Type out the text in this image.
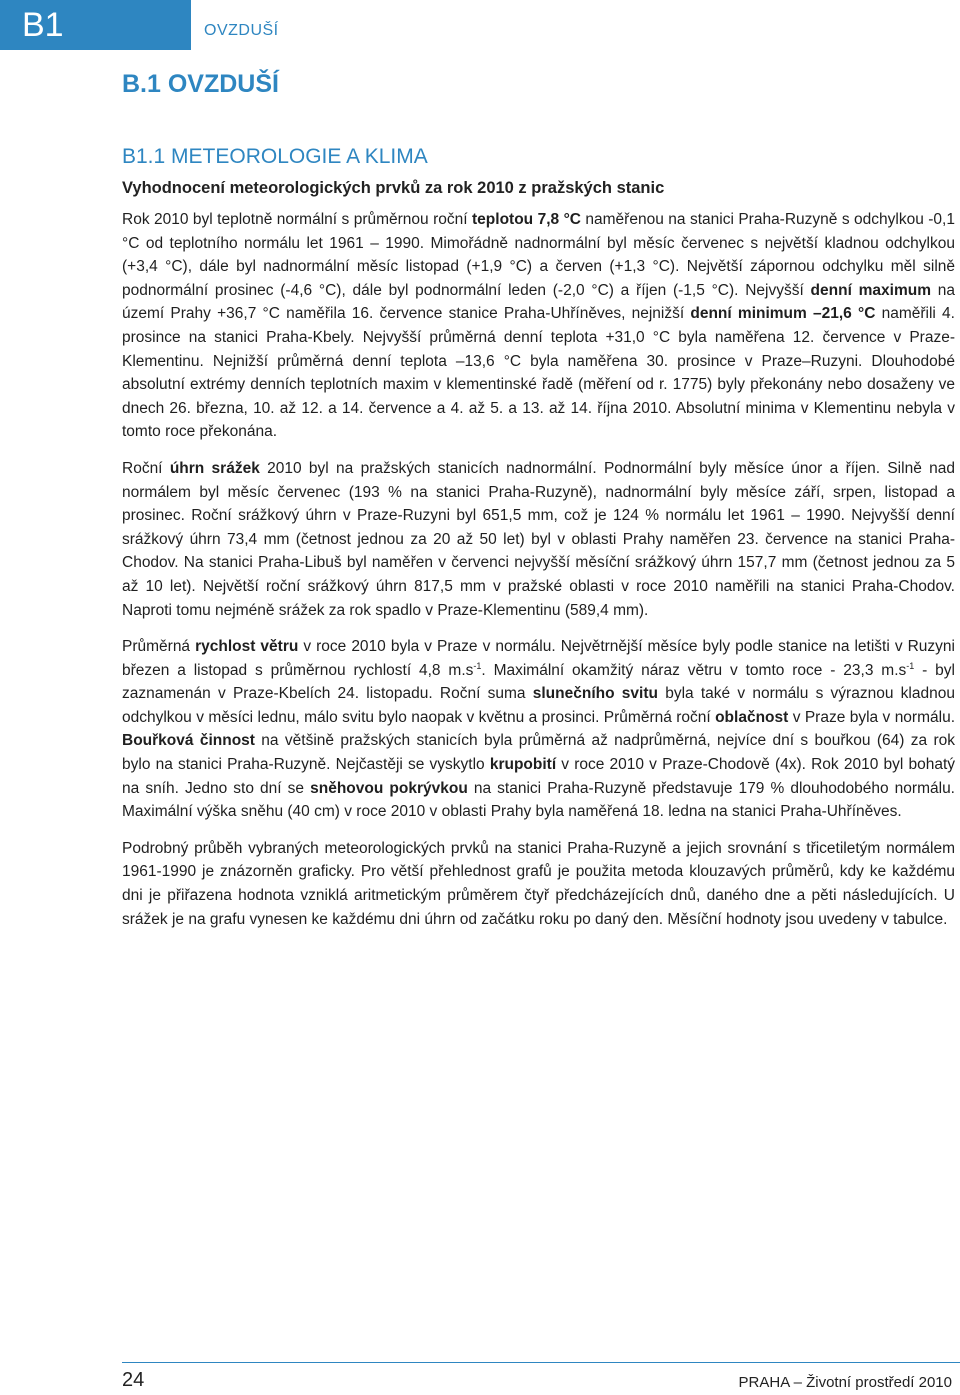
B1	OVZDUŠÍ
B.1 OVZDUŠÍ
B1.1 METEOROLOGIE A KLIMA
Vyhodnocení meteorologických prvků za rok 2010 z pražských stanic

Rok 2010 byl teplotně normální s průměrnou roční teplotou 7,8 °C naměřenou na stanici Praha-Ruzyně s odchylkou -0,1 °C od teplotního normálu let 1961 – 1990. Mimořádně nadnormální byl měsíc červenec s největší kladnou odchylkou (+3,4 °C), dále byl nadnormální měsíc listopad (+1,9 °C) a červen (+1,3 °C). Největší zápornou odchylku měl silně podnormální prosinec (-4,6 °C), dále byl podnormální leden (-2,0 °C) a říjen (-1,5 °C). Nejvyšší denní maximum na území Prahy +36,7 °C naměřila 16. července stanice Praha-Uhříněves, nejnižší denní minimum –21,6 °C naměřili 4. prosince na stanici Praha-Kbely. Nejvyšší průměrná denní teplota +31,0 °C byla naměřena 12. července v Praze-Klementinu. Nejnižší průměrná denní teplota –13,6 °C byla naměřena 30. prosince v Praze–Ruzyni. Dlouhodobé absolutní extrémy denních teplotních maxim v klementinské řadě (měření od r. 1775) byly překonány nebo dosaženy ve dnech 26. března, 10. až 12. a 14. července a 4. až 5. a 13. až 14. října 2010. Absolutní minima v Klementinu nebyla v tomto roce překonána.

Roční úhrn srážek 2010 byl na pražských stanicích nadnormální. Podnormální byly měsíce únor a říjen. Silně nad normálem byl měsíc červenec (193 % na stanici Praha-Ruzyně), nadnormální byly měsíce září, srpen, listopad a prosinec. Roční srážkový úhrn v Praze-Ruzyni byl 651,5 mm, což je 124 % normálu let 1961 – 1990. Nejvyšší denní srážkový úhrn 73,4 mm (četnost jednou za 20 až 50 let) byl v oblasti Prahy naměřen 23. července na stanici Praha-Chodov. Na stanici Praha-Libuš byl naměřen v červenci nejvyšší měsíční srážkový úhrn 157,7 mm (četnost jednou za 5 až 10 let). Největší roční srážkový úhrn 817,5 mm v pražské oblasti v roce 2010 naměřili na stanici Praha-Chodov. Naproti tomu nejméně srážek za rok spadlo v Praze-Klementinu (589,4 mm).

Průměrná rychlost větru v roce 2010 byla v Praze v normálu. Největrnější měsíce byly podle stanice na letišti v Ruzyni březen a listopad s průměrnou rychlostí 4,8 $m.s^{-1}$. Maximální okamžitý náraz větru v tomto roce - 23,3 $m.s^{-1}$ - byl zaznamenán v Praze-Kbelích 24. listopadu. Roční suma slunečního svitu byla také v normálu s výraznou kladnou odchylkou v měsíci lednu, málo svitu bylo naopak v květnu a prosinci. Průměrná roční oblačnost v Praze byla v normálu. Bouřková činnost na většině pražských stanicích byla průměrná až nadprůměrná, nejvíce dní s bouřkou (64) za rok bylo na stanici Praha-Ruzyně. Nejčastěji se vyskytlo krupobití v roce 2010 v Praze-Chodově (4x). Rok 2010 byl bohatý na sníh. Jedno sto dní se sněhovou pokrývkou na stanici Praha-Ruzyně představuje 179 % dlouhodobého normálu. Maximální výška sněhu (40 cm) v roce 2010 v oblasti Prahy byla naměřená 18. ledna na stanici Praha-Uhříněves.

Podrobný průběh vybraných meteorologických prvků na stanici Praha-Ruzyně a jejich srovnání s třicetiletým normálem 1961-1990 je znázorněn graficky. Pro větší přehlednost grafů je použita metoda klouzavých průměrů, kdy ke každému dni je přiřazena hodnota vzniklá aritmetickým průměrem čtyř předcházejících dnů, daného dne a pěti následujících. U srážek je na grafu vynesen ke každému dni úhrn od začátku roku po daný den. Měsíční hodnoty jsou uvedeny v tabulce.

24	PRAHA – Životní prostředí 2010
